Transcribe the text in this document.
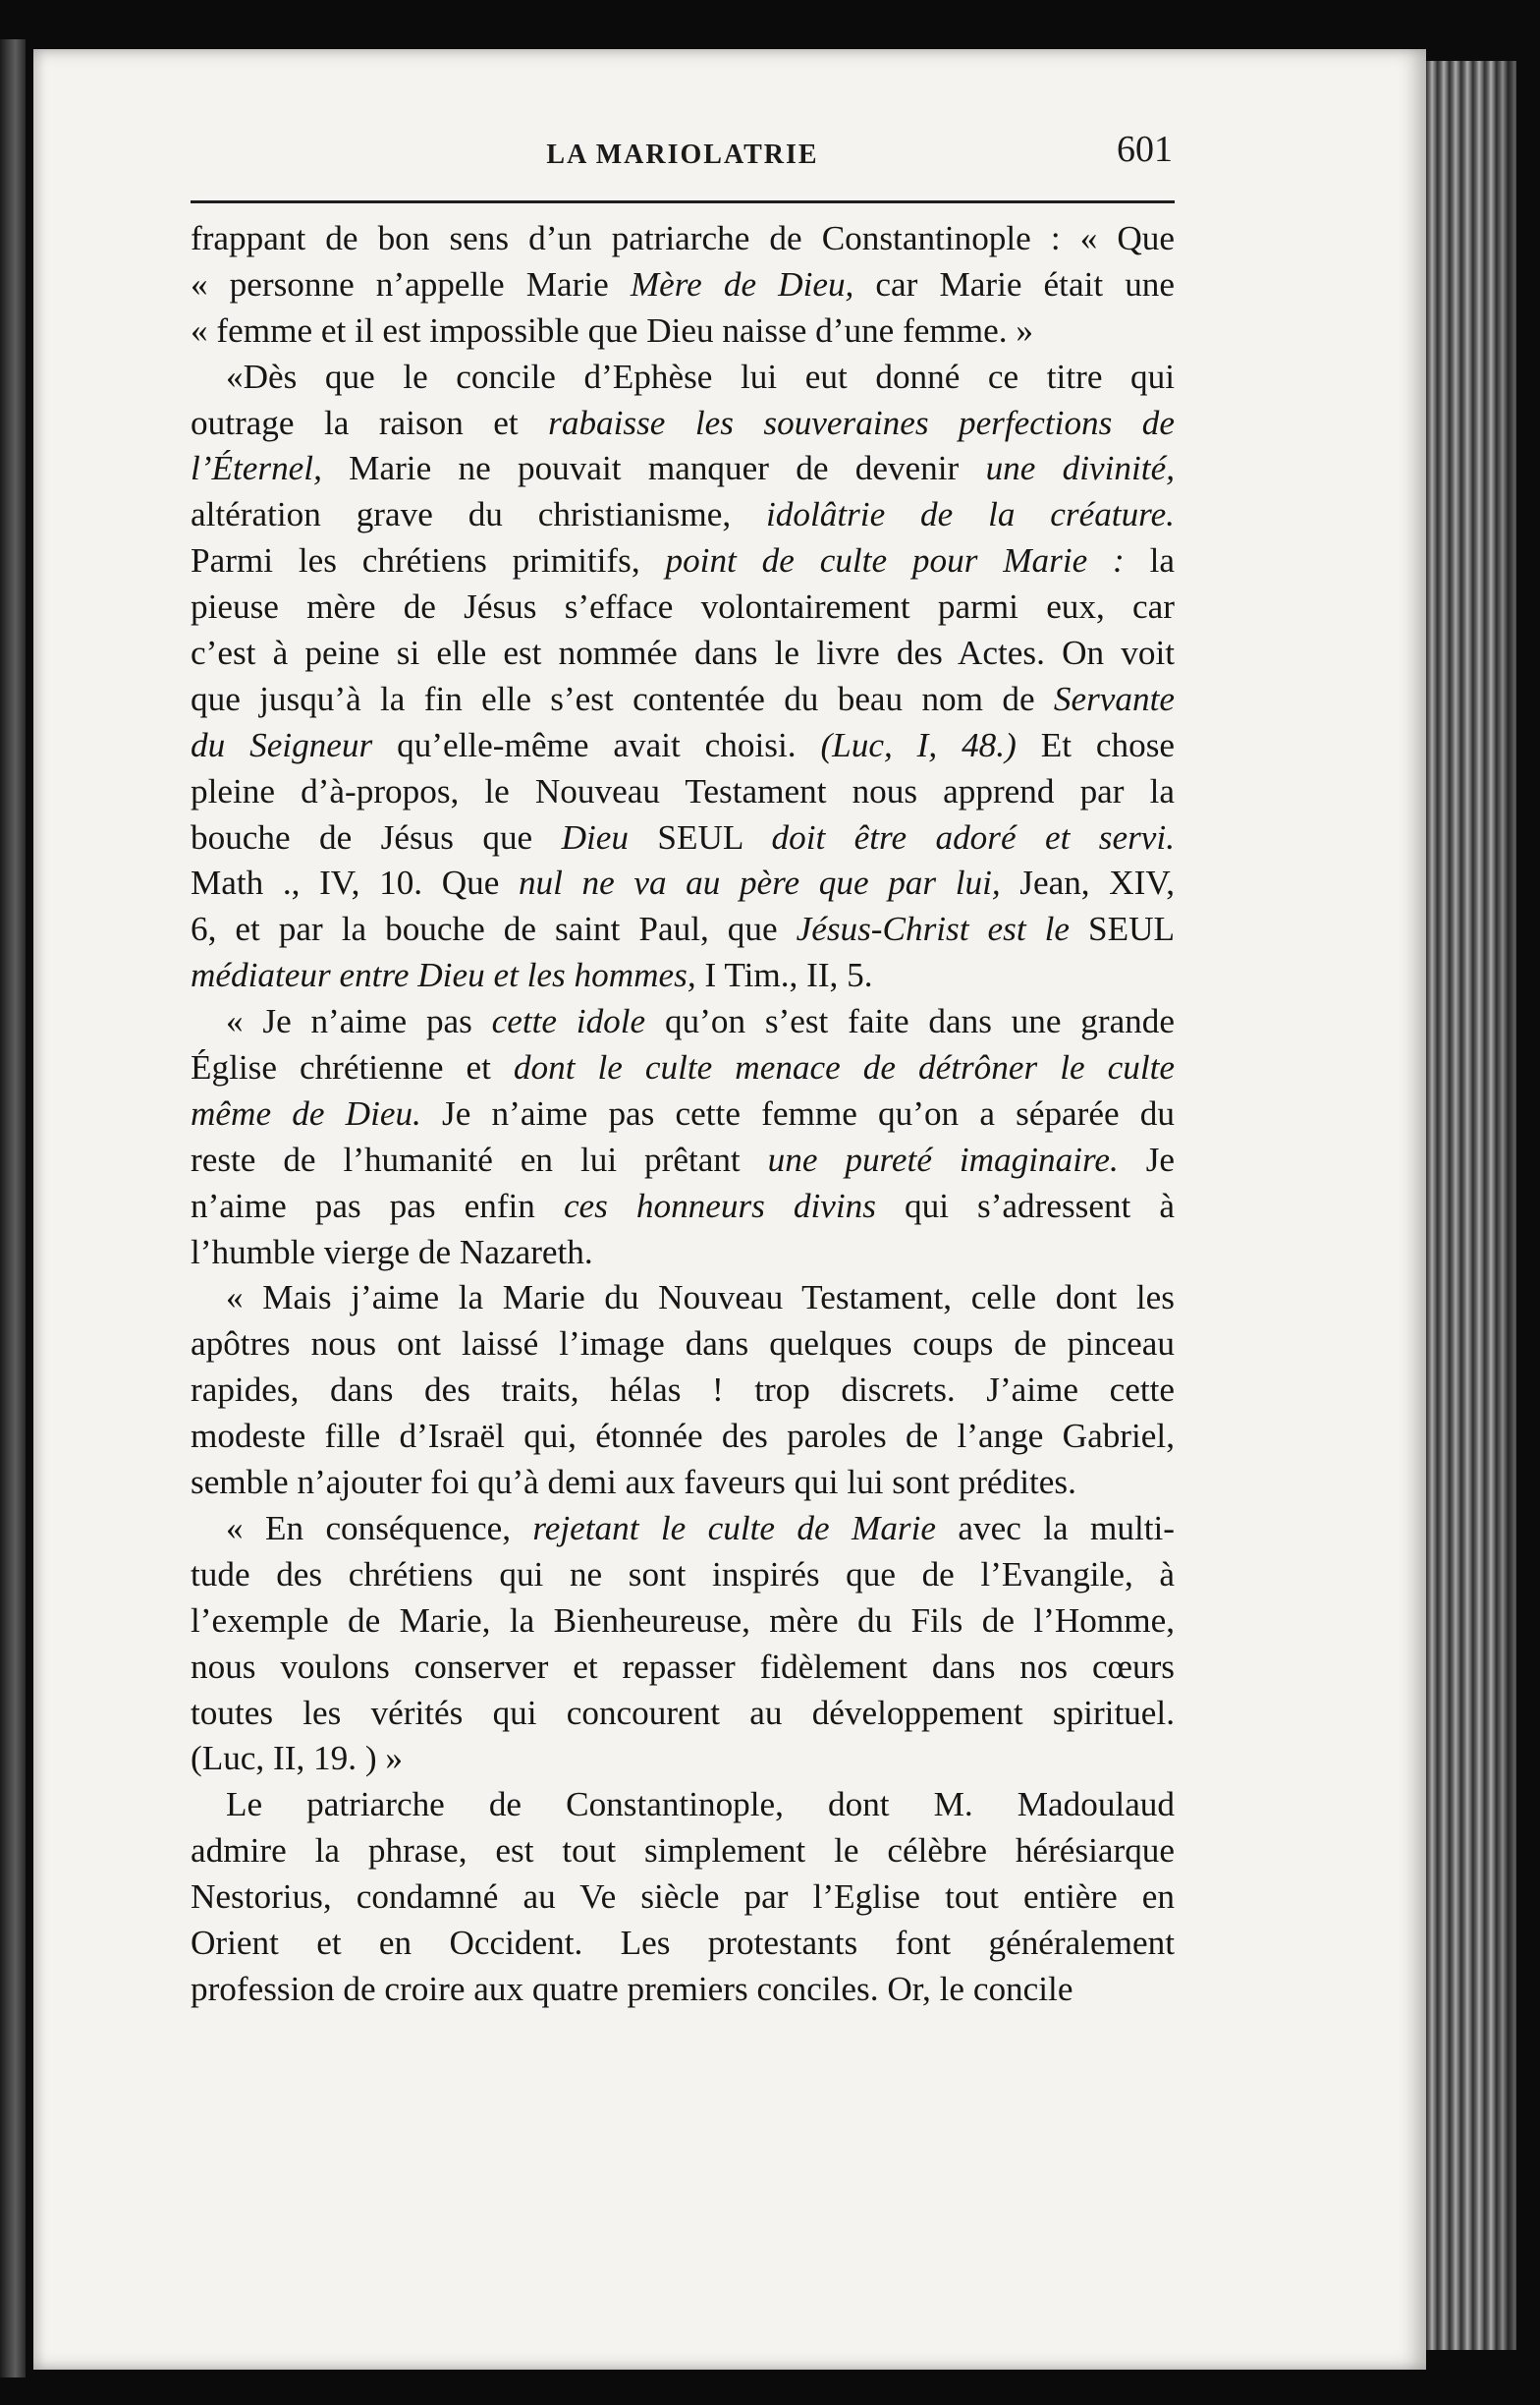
LA MARIOLATRIE	601
frappant de bon sens d’un patriarche de Constantinople : « Que
« personne n’appelle Marie Mère de Dieu, car Marie était une
« femme et il est impossible que Dieu naisse d’une femme. »
«Dès que le concile d’Ephèse lui eut donné ce titre qui
outrage la raison et rabaisse les souveraines perfections de
l’Éternel, Marie ne pouvait manquer de devenir une divinité,
altération grave du christianisme, idolâtrie de la créature.
Parmi les chrétiens primitifs, point de culte pour Marie : la
pieuse mère de Jésus s’efface volontairement parmi eux, car
c’est à peine si elle est nommée dans le livre des Actes. On voit
que jusqu’à la fin elle s’est contentée du beau nom de Servante
du Seigneur qu’elle-même avait choisi. (Luc, I, 48.) Et chose
pleine d’à-propos, le Nouveau Testament nous apprend par la
bouche de Jésus que Dieu SEUL doit être adoré et servi.
Math ., IV, 10. Que nul ne va au père que par lui, Jean, XIV,
6, et par la bouche de saint Paul, que Jésus-Christ est le SEUL
médiateur entre Dieu et les hommes, I Tim., II, 5.
« Je n’aime pas cette idole qu’on s’est faite dans une grande
Église chrétienne et dont le culte menace de détrôner le culte
même de Dieu. Je n’aime pas cette femme qu’on a séparée du
reste de l’humanité en lui prêtant une pureté imaginaire. Je
n’aime pas pas enfin ces honneurs divins qui s’adressent à
l’humble vierge de Nazareth.
« Mais j’aime la Marie du Nouveau Testament, celle dont les
apôtres nous ont laissé l’image dans quelques coups de pinceau
rapides, dans des traits, hélas ! trop discrets. J’aime cette
modeste fille d’Israël qui, étonnée des paroles de l’ange Gabriel,
semble n’ajouter foi qu’à demi aux faveurs qui lui sont prédites.
« En conséquence, rejetant le culte de Marie avec la multi-
tude des chrétiens qui ne sont inspirés que de l’Evangile, à
l’exemple de Marie, la Bienheureuse, mère du Fils de l’Homme,
nous voulons conserver et repasser fidèlement dans nos cœurs
toutes les vérités qui concourent au développement spirituel.
(Luc, II, 19. ) »
Le patriarche de Constantinople, dont M. Madoulaud
admire la phrase, est tout simplement le célèbre hérésiarque
Nestorius, condamné au Ve siècle par l’Eglise tout entière en
Orient et en Occident. Les protestants font généralement
profession de croire aux quatre premiers conciles. Or, le concile
